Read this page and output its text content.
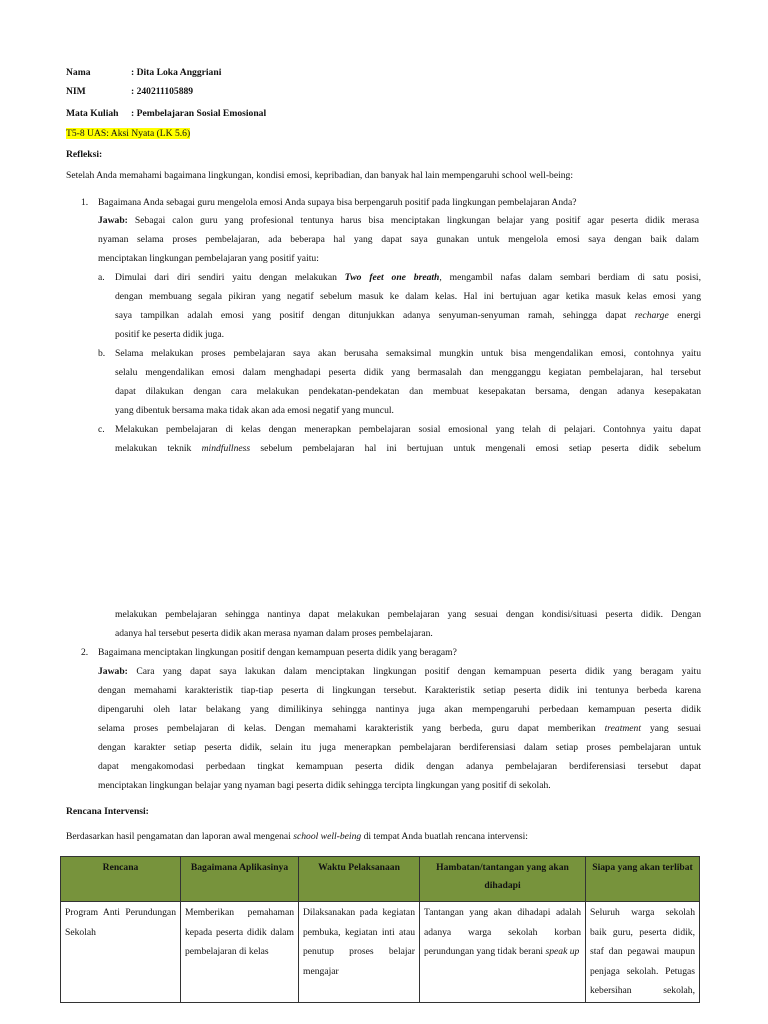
Nama	: Dita Loka Anggriani
NIM	: 240211105889
Mata Kuliah : Pembelajaran Sosial Emosional
T5-8 UAS: Aksi Nyata (LK 5.6)
Refleksi:
Setelah Anda memahami bagaimana lingkungan, kondisi emosi, kepribadian, dan banyak hal lain mempengaruhi school well-being:
1. Bagaimana Anda sebagai guru mengelola emosi Anda supaya bisa berpengaruh positif pada lingkungan pembelajaran Anda?
Jawab: Sebagai calon guru yang profesional tentunya harus bisa menciptakan lingkungan belajar yang positif agar peserta didik merasa
nyaman selama proses pembelajaran, ada beberapa hal yang dapat saya gunakan untuk mengelola emosi saya dengan baik dalam
menciptakan lingkungan pembelajaran yang positif yaitu:
a. Dimulai dari diri sendiri yaitu dengan melakukan Two feet one breath, mengambil nafas dalam sembari berdiam di satu posisi,
dengan membuang segala pikiran yang negatif sebelum masuk ke dalam kelas. Hal ini bertujuan agar ketika masuk kelas emosi yang
saya tampilkan adalah emosi yang positif dengan ditunjukkan adanya senyuman-senyuman ramah, sehingga dapat recharge energi
positif ke peserta didik juga.
b. Selama melakukan proses pembelajaran saya akan berusaha semaksimal mungkin untuk bisa mengendalikan emosi, contohnya yaitu
selalu mengendalikan emosi dalam menghadapi peserta didik yang bermasalah dan mengganggu kegiatan pembelajaran, hal tersebut
dapat dilakukan dengan cara melakukan pendekatan-pendekatan dan membuat kesepakatan bersama, dengan adanya kesepakatan
yang dibentuk bersama maka tidak akan ada emosi negatif yang muncul.
c. Melakukan pembelajaran di kelas dengan menerapkan pembelajaran sosial emosional yang telah di pelajari. Contohnya yaitu dapat
melakukan teknik mindfullness sebelum pembelajaran hal ini bertujuan untuk mengenali emosi setiap peserta didik sebelum
melakukan pembelajaran sehingga nantinya dapat melakukan pembelajaran yang sesuai dengan kondisi/situasi peserta didik. Dengan
adanya hal tersebut peserta didik akan merasa nyaman dalam proses pembelajaran.
2. Bagaimana menciptakan lingkungan positif dengan kemampuan peserta didik yang beragam?
Jawab: Cara yang dapat saya lakukan dalam menciptakan lingkungan positif dengan kemampuan peserta didik yang beragam yaitu
dengan memahami karakteristik tiap-tiap peserta di lingkungan tersebut. Karakteristik setiap peserta didik ini tentunya berbeda karena
dipengaruhi oleh latar belakang yang dimilikinya sehingga nantinya juga akan mempengaruhi perbedaan kemampuan peserta didik
selama proses pembelajaran di kelas. Dengan memahami karakteristik yang berbeda, guru dapat memberikan treatment yang sesuai
dengan karakter setiap peserta didik, selain itu juga menerapkan pembelajaran berdiferensiasi dalam setiap proses pembelajaran untuk
dapat mengakomodasi perbedaan tingkat kemampuan peserta didik dengan adanya pembelajaran berdiferensiasi tersebut dapat
menciptakan lingkungan belajar yang nyaman bagi peserta didik sehingga tercipta lingkungan yang positif di sekolah.
Rencana Intervensi:
Berdasarkan hasil pengamatan dan laporan awal mengenai school well-being di tempat Anda buatlah rencana intervensi:
Rencana	Bagaimana Aplikasinya	Waktu Pelaksanaan	Hambatan/tantangan yang akan dihadapi	Siapa yang akan terlibat
Program Anti Perundungan Sekolah	Memberikan pemahaman kepada peserta didik dalam pembelajaran di kelas	Dilaksanakan pada kegiatan pembuka, kegiatan inti atau penutup proses belajar mengajar	Tantangan yang akan dihadapi adalah adanya warga sekolah korban perundungan yang tidak berani speak up	Seluruh warga sekolah baik guru, peserta didik, staf dan pegawai maupun penjaga sekolah. Petugas kebersihan sekolah,
